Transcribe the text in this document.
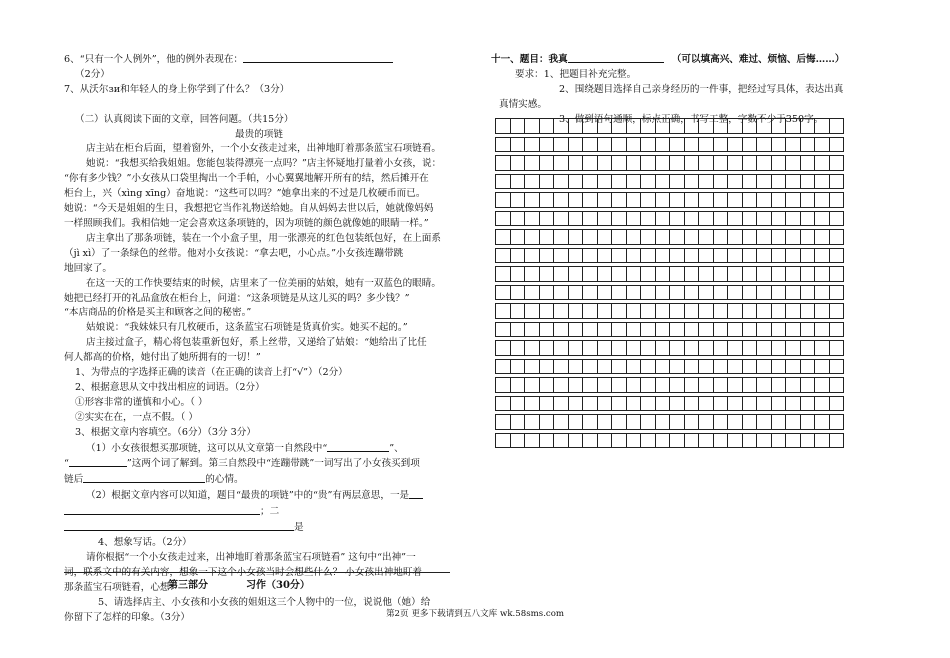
6、“只有一个人例外”，他的例外表现在：

（2分）

7、从沃尔зи和年轻人的身上你学到了什么？（3分）

（二）认真阅读下面的文章，回答问题。（共15分）

最贵的项链

店主站在柜台后面，望着窗外，一个小女孩走过来，出神地盯着那条蓝宝石项链看。

她说：“我想买给我姐姐。您能包装得漂亮一点吗？”店主怀疑地打量着小女孩，说：

“你有多少钱？”小女孩从口袋里掏出一个手帕，小心翼翼地解开所有的结，然后摊开在

柜台上，兴（xìng xīng）奋地说：“这些可以吗？”她拿出来的不过是几枚硬币而已。

她说：“今天是姐姐的生日，我想把它当作礼物送给她。自从妈妈去世以后，她就像妈妈

一样照顾我们。我相信她一定会喜欢这条项链的，因为项链的颜色就像她的眼睛一样。”

店主拿出了那条项链，装在一个小盒子里，用一张漂亮的红色包装纸包好，在上面系

（jì xì）了一条绿色的丝带。他对小女孩说：“拿去吧，小心点。”小女孩连蹦带跳

地回家了。

在这一天的工作快要结束的时候，店里来了一位美丽的姑娘，她有一双蓝色的眼睛。

她把已经打开的礼品盒放在柜台上，问道：“这条项链是从这儿买的吗？多少钱？”

“本店商品的价格是买主和顾客之间的秘密。”

姑娘说：“我妹妹只有几枚硬币，这条蓝宝石项链是货真价实。她买不起的。”

店主接过盒子，精心将包装重新包好，系上丝带，又递给了姑娘：“她给出了比任

何人都高的价格，她付出了她所拥有的一切！”

1、为带点的字选择正确的读音（在正确的读音上打“√”）（2分）

2、根据意思从文中找出相应的词语。（2分）

①形容非常的谨慎和小心。（ ）

②实实在在，一点不假。（ ）

3、根据文章内容填空。（6分）（3分 3分）

（1）小女孩很想买那项链，这可以从文章第一自然段中“	”、

“	”这两个词了解到。第三自然段中“连蹦带跳”一词写出了小女孩买到项

链后	的心情。

（2）根据文章内容可以知道，题目“最贵的项链”中的“贵”有两层意思，一是

；二

是

4、想象写话。（2分）

请你根据“一个小女孩走过来，出神地盯着那条蓝宝石项链看” 这句中“出神”一

词，联系文中的有关内容，想象一下这个小女孩当时会想些什么？ 小女孩出神地盯着

那条蓝宝石项链看，心想：

5、请选择店主、小女孩和小女孩的姐姐这三个人物中的一位，说说他（她）给

你留下了怎样的印象。（3分）

第三部分	习作（30分）

十一、题目：我真	（可以填高兴、难过、烦恼、后悔……）

要求：1、把题目补充完整。

2、围绕题目选择自己亲身经历的一件事，把经过写具体，表达出真

真情实感。

3、做到语句通顺，标点正确，书写工整，字数不少于350字。

第2页 更多下载请到五八文库 wk.58sms.com
